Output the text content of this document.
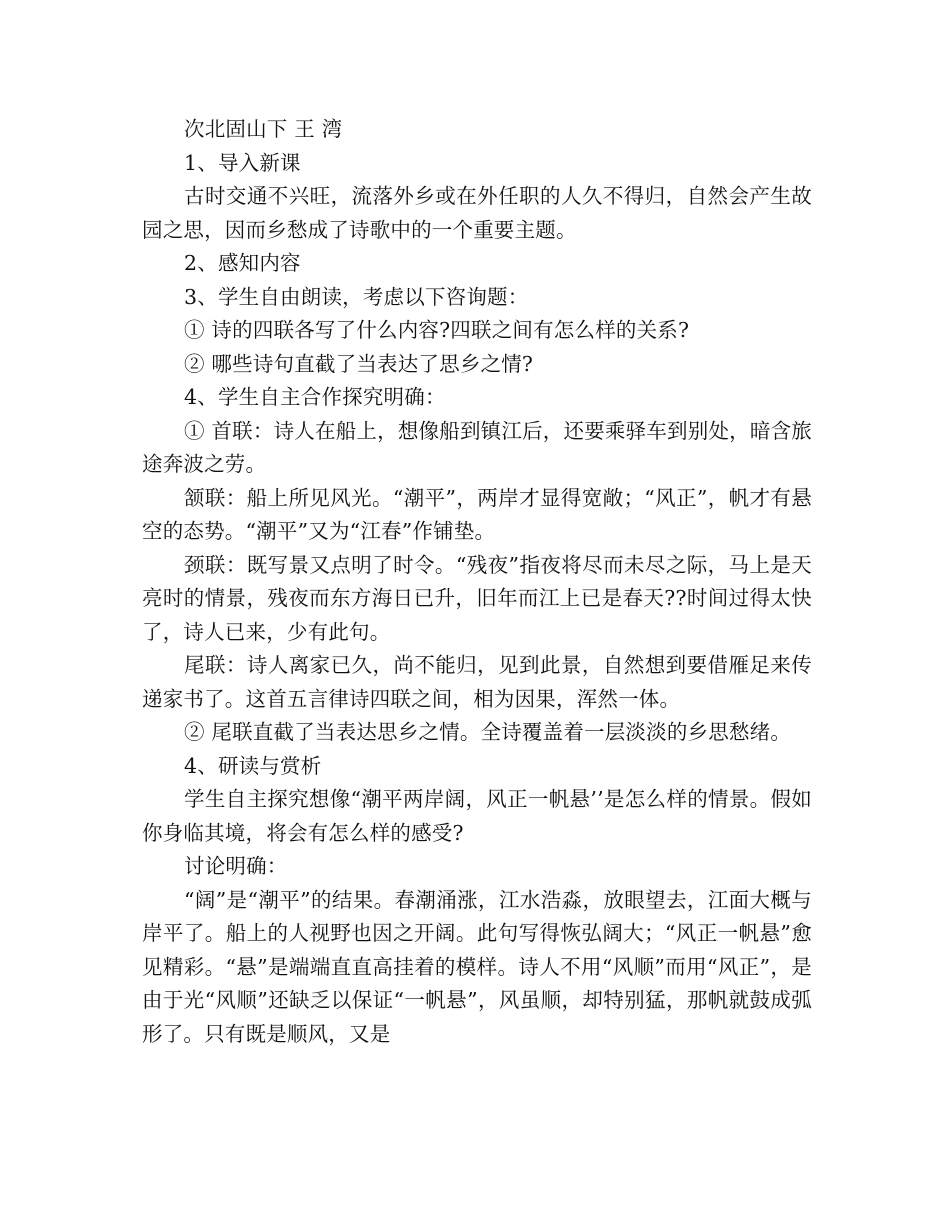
次北固山下 王 湾

1、导入新课

古时交通不兴旺，流落外乡或在外任职的人久不得归，自然会产生故园之思，因而乡愁成了诗歌中的一个重要主题。

2、感知内容

3、学生自由朗读，考虑以下咨询题：

① 诗的四联各写了什么内容?四联之间有怎么样的关系?

② 哪些诗句直截了当表达了思乡之情?

4、学生自主合作探究明确：

① 首联：诗人在船上，想像船到镇江后，还要乘驿车到别处，暗含旅途奔波之劳。

颔联：船上所见风光。“潮平”，两岸才显得宽敞；“风正”，帆才有悬空的态势。“潮平”又为“江春”作铺垫。

颈联：既写景又点明了时令。“残夜”指夜将尽而未尽之际，马上是天亮时的情景，残夜而东方海日已升，旧年而江上已是春天??时间过得太快了，诗人已来，少有此句。

尾联：诗人离家已久，尚不能归，见到此景，自然想到要借雁足来传递家书了。这首五言律诗四联之间，相为因果，浑然一体。

② 尾联直截了当表达思乡之情。全诗覆盖着一层淡淡的乡思愁绪。

4、研读与赏析

学生自主探究想像“潮平两岸阔，风正一帆悬’’是怎么样的情景。假如你身临其境，将会有怎么样的感受?

讨论明确：

“阔”是“潮平”的结果。春潮涌涨，江水浩淼，放眼望去，江面大概与岸平了。船上的人视野也因之开阔。此句写得恢弘阔大；“风正一帆悬”愈见精彩。“悬”是端端直直高挂着的模样。诗人不用“风顺”而用“风正”，是由于光“风顺”还缺乏以保证“一帆悬”，风虽顺，却特别猛，那帆就鼓成弧形了。只有既是顺风，又是
